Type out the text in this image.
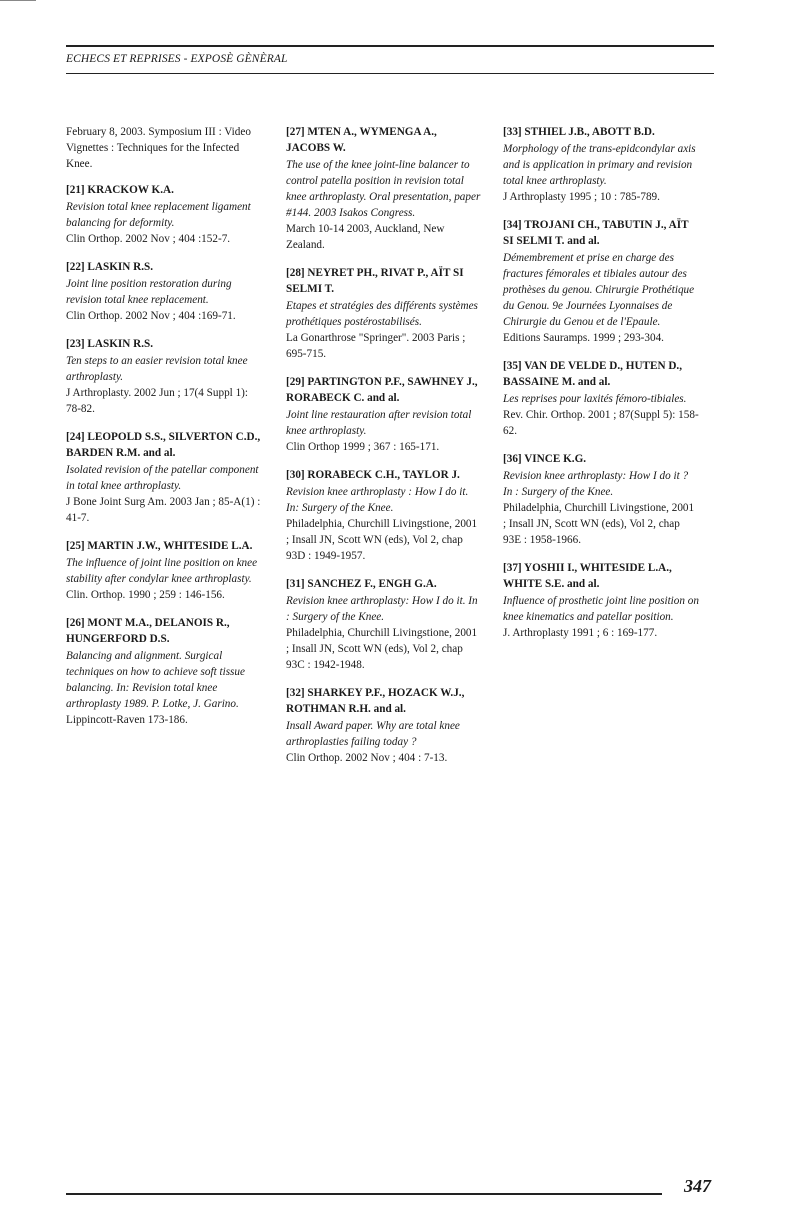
ECHECS ET REPRISES - EXPOSÈ GÈNÈRAL
February 8, 2003. Symposium III : Video Vignettes : Techniques for the Infected Knee.
[21] KRACKOW K.A.
Revision total knee replacement ligament balancing for deformity.
Clin Orthop. 2002 Nov ; 404 :152-7.
[22] LASKIN R.S.
Joint line position restoration during revision total knee replacement.
Clin Orthop. 2002 Nov ; 404 :169-71.
[23] LASKIN R.S.
Ten steps to an easier revision total knee arthroplasty.
J Arthroplasty. 2002 Jun ; 17(4 Suppl 1): 78-82.
[24] LEOPOLD S.S., SILVERTON C.D., BARDEN R.M. and al.
Isolated revision of the patellar component in total knee arthroplasty.
J Bone Joint Surg Am. 2003 Jan ; 85-A(1) : 41-7.
[25] MARTIN J.W., WHITESIDE L.A.
The influence of joint line position on knee stability after condylar knee arthroplasty.
Clin. Orthop. 1990 ; 259 : 146-156.
[26] MONT M.A., DELANOIS R., HUNGERFORD D.S.
Balancing and alignment. Surgical techniques on how to achieve soft tissue balancing. In: Revision total knee arthroplasty 1989. P. Lotke, J. Garino.
Lippincott-Raven 173-186.
[27] MTEN A., WYMENGA A., JACOBS W.
The use of the knee joint-line balancer to control patella position in revision total knee arthroplasty. Oral presentation, paper #144. 2003 Isakos Congress.
March 10-14 2003, Auckland, New Zealand.
[28] NEYRET PH., RIVAT P., AÏT SI SELMI T.
Etapes et stratégies des différents systèmes prothétiques postérostabilisés.
La Gonarthrose "Springer". 2003 Paris ; 695-715.
[29] PARTINGTON P.F., SAWHNEY J., RORABECK C. and al.
Joint line restauration after revision total knee arthroplasty.
Clin Orthop 1999 ; 367 : 165-171.
[30] RORABECK C.H., TAYLOR J.
Revision knee arthroplasty : How I do it. In: Surgery of the Knee.
Philadelphia, Churchill Livingstione, 2001 ; Insall JN, Scott WN (eds), Vol 2, chap 93D : 1949-1957.
[31] SANCHEZ F., ENGH G.A.
Revision knee arthroplasty: How I do it. In : Surgery of the Knee.
Philadelphia, Churchill Livingstione, 2001 ; Insall JN, Scott WN (eds), Vol 2, chap 93C : 1942-1948.
[32] SHARKEY P.F., HOZACK W.J., ROTHMAN R.H. and al.
Insall Award paper. Why are total knee arthroplasties failing today ?
Clin Orthop. 2002 Nov ; 404 : 7-13.
[33] STHIEL J.B., ABOTT B.D.
Morphology of the trans-epidcondylar axis and is application in primary and revision total knee arthroplasty.
J Arthroplasty 1995 ; 10 : 785-789.
[34] TROJANI CH., TABUTIN J., AÏT SI SELMI T. and al.
Démembrement et prise en charge des fractures fémorales et tibiales autour des prothèses du genou. Chirurgie Prothétique du Genou. 9e Journées Lyonnaises de Chirurgie du Genou et de l'Epaule.
Editions Sauramps. 1999 ; 293-304.
[35] VAN DE VELDE D., HUTEN D., BASSAINE M. and al.
Les reprises pour laxités fémoro-tibiales.
Rev. Chir. Orthop. 2001 ; 87(Suppl 5): 158-62.
[36] VINCE K.G.
Revision knee arthroplasty: How I do it ? In : Surgery of the Knee.
Philadelphia, Churchill Livingstione, 2001 ; Insall JN, Scott WN (eds), Vol 2, chap 93E : 1958-1966.
[37] YOSHII I., WHITESIDE L.A., WHITE S.E. and al.
Influence of prosthetic joint line position on knee kinematics and patellar position.
J. Arthroplasty 1991 ; 6 : 169-177.
347
